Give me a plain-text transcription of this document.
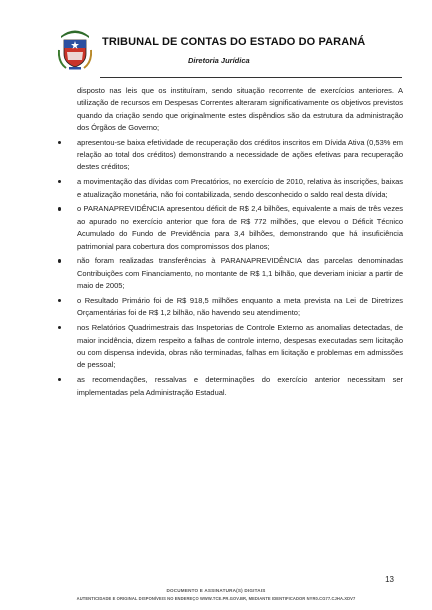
TRIBUNAL DE CONTAS DO ESTADO DO PARANÁ
Diretoria Jurídica

disposto nas leis que os instituíram, sendo situação recorrente de exercícios anteriores. A utilização de recursos em Despesas Correntes alteraram significativamente os objetivos previstos quando da criação sendo que originalmente estes dispêndios são da estrutura da administração dos Órgãos de Governo;

apresentou-se baixa efetividade de recuperação dos créditos inscritos em Dívida Ativa (0,53% em relação ao total dos créditos) demonstrando a necessidade de ações efetivas para recuperação destes créditos;
a movimentação das dívidas com Precatórios, no exercício de 2010, relativa às inscrições, baixas e atualização monetária, não foi contabilizada, sendo desconhecido o saldo real desta dívida;
o PARANAPREVIDÊNCIA apresentou déficit de R$ 2,4 bilhões, equivalente a mais de três vezes ao apurado no exercício anterior que fora de R$ 772 milhões, que elevou o Déficit Técnico Acumulado do Fundo de Previdência para 3,4 bilhões, demonstrando que há insuficiência patrimonial para cobertura dos compromissos dos planos;
não foram realizadas transferências à PARANAPREVIDÊNCIA das parcelas denominadas Contribuições com Financiamento, no montante de R$ 1,1 bilhão, que deveriam iniciar a partir de maio de 2005;
o Resultado Primário foi de R$ 918,5 milhões enquanto a meta prevista na Lei de Diretrizes Orçamentárias foi de R$ 1,2 bilhão, não havendo seu atendimento;
nos Relatórios Quadrimestrais das Inspetorias de Controle Externo as anomalias detectadas, de maior incidência, dizem respeito a falhas de controle interno, despesas executadas sem licitação ou com dispensa indevida, obras não terminadas, falhas em licitação e problemas em admissões de pessoal;
as recomendações, ressalvas e determinações do exercício anterior necessitam ser implementadas pela Administração Estadual.
13
DOCUMENTO E ASSINATURA(S) DIGITAIS
AUTENTICIDADE E ORIGINAL DISPONÍVEIS NO ENDEREÇO WWW.TCE.PR.GOV.BR, MEDIANTE IDENTIFICADOR NYR0.CG77.CJHA.XDV7
